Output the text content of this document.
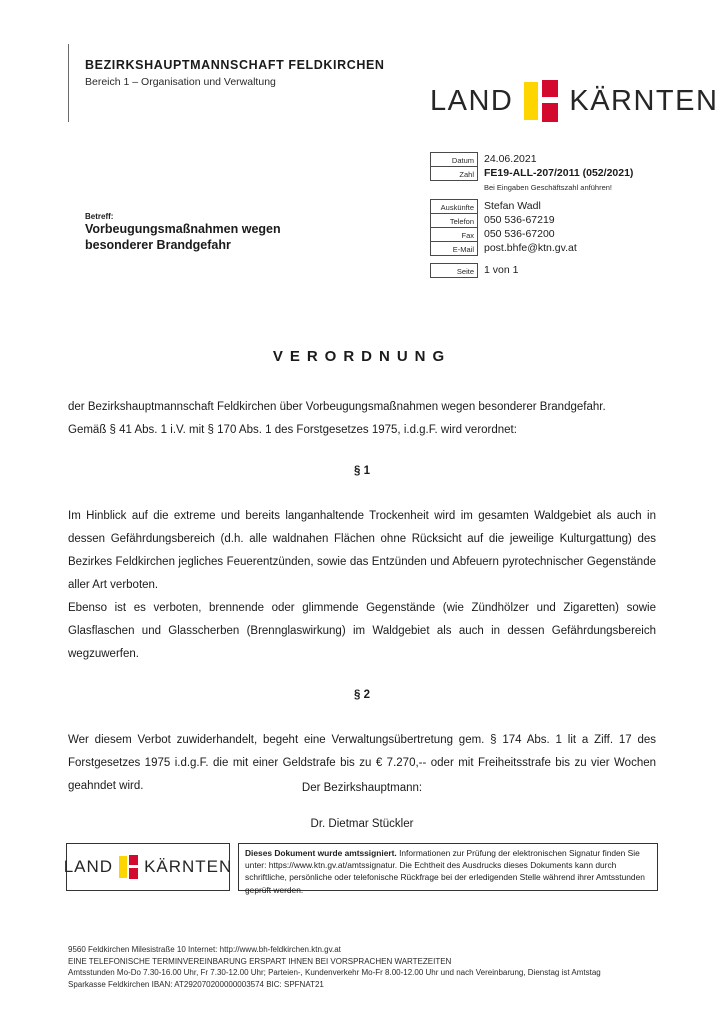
BEZIRKSHAUPTMANNSCHAFT FELDKIRCHEN
Bereich 1 – Organisation und Verwaltung
LAND KÄRNTEN
Datum 24.06.2021
Zahl FE19-ALL-207/2011 (052/2021)
Bei Eingaben Geschäftszahl anführen!
Auskünfte Stefan Wadl
Telefon 050 536-67219
Fax 050 536-67200
E-Mail post.bhfe@ktn.gv.at
Seite 1 von 1
Betreff:
Vorbeugungsmaßnahmen wegen
besonderer Brandgefahr
VERORDNUNG

der Bezirkshauptmannschaft Feldkirchen über Vorbeugungsmaßnahmen wegen besonderer Brandgefahr.
Gemäß § 41 Abs. 1 i.V. mit § 170 Abs. 1 des Forstgesetzes 1975, i.d.g.F. wird verordnet:

§ 1

Im Hinblick auf die extreme und bereits langanhaltende Trockenheit wird im gesamten Waldgebiet als auch in dessen Gefährdungsbereich (d.h. alle waldnahen Flächen ohne Rücksicht auf die jeweilige Kulturgattung) des Bezirkes Feldkirchen jegliches Feuerentzünden, sowie das Entzünden und Abfeuern pyrotechnischer Gegenstände aller Art verboten.

Ebenso ist es verboten, brennende oder glimmende Gegenstände (wie Zündhölzer und Zigaretten) sowie Glasflaschen und Glasscherben (Brennglaswirkung) im Waldgebiet als auch in dessen Gefährdungsbereich wegzuwerfen.

§ 2

Wer diesem Verbot zuwiderhandelt, begeht eine Verwaltungsübertretung gem. § 174 Abs. 1 lit a Ziff. 17 des Forstgesetzes 1975 i.d.g.F. die mit einer Geldstrafe bis zu € 7.270,-- oder mit Freiheitsstrafe bis zu vier Wochen geahndet wird.	Der Bezirkshauptmann:
Dr. Dietmar Stückler
LAND KÄRNTEN
Dieses Dokument wurde amtssigniert. Informationen zur Prüfung der elektronischen Signatur finden Sie unter: https://www.ktn.gv.at/amtssignatur. Die Echtheit des Ausdrucks dieses Dokuments kann durch schriftliche, persönliche oder telefonische Rückfrage bei der erledigenden Stelle während ihrer Amtsstunden geprüft werden.
9560 Feldkirchen Milesistraße 10 Internet: http://www.bh-feldkirchen.ktn.gv.at
EINE TELEFONISCHE TERMINVEREINBARUNG ERSPART IHNEN BEI VORSPRACHEN WARTEZEITEN
Amtsstunden Mo-Do 7.30-16.00 Uhr, Fr 7.30-12.00 Uhr; Parteien-, Kundenverkehr Mo-Fr 8.00-12.00 Uhr und nach Vereinbarung, Dienstag ist Amtstag
Sparkasse Feldkirchen IBAN: AT292070200000003574 BIC: SPFNAT21
